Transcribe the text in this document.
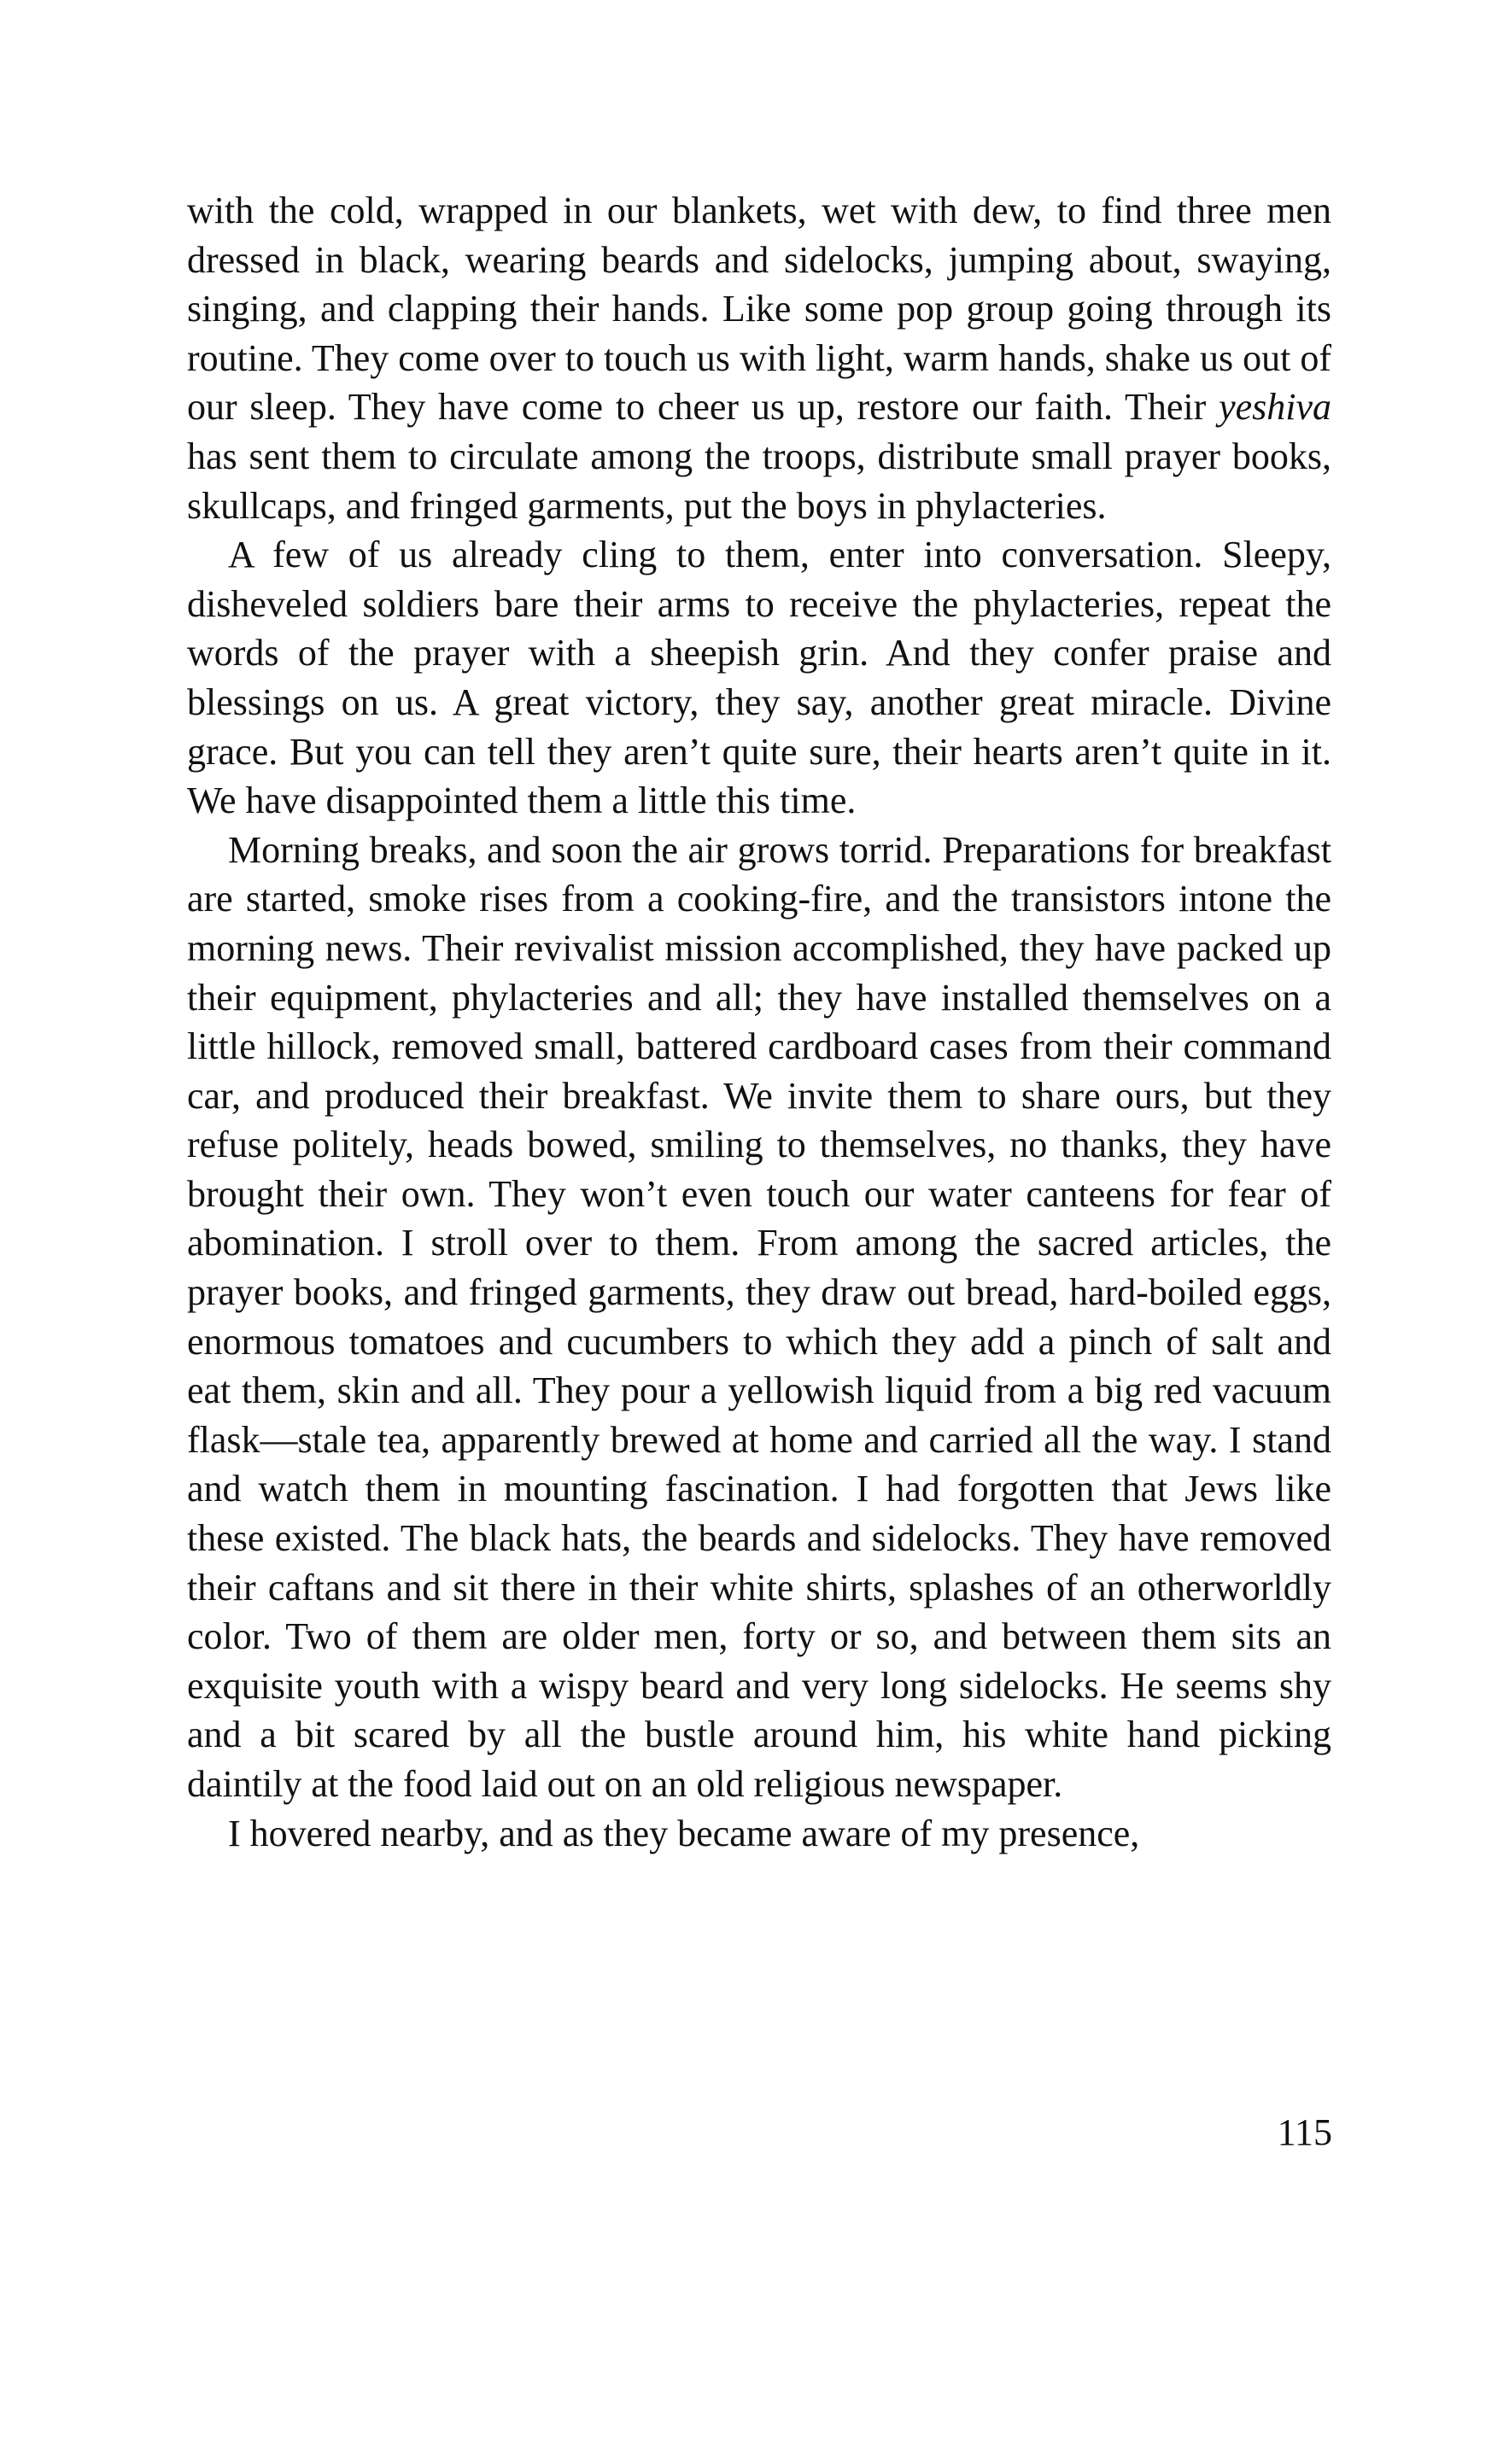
with the cold, wrapped in our blankets, wet with dew, to find three men dressed in black, wearing beards and sidelocks, jumping about, swaying, singing, and clapping their hands. Like some pop group going through its routine. They come over to touch us with light, warm hands, shake us out of our sleep. They have come to cheer us up, restore our faith. Their yeshiva has sent them to circulate among the troops, distribute small prayer books, skullcaps, and fringed garments, put the boys in phylacteries.

A few of us already cling to them, enter into conversation. Sleepy, disheveled soldiers bare their arms to receive the phylacteries, repeat the words of the prayer with a sheepish grin. And they confer praise and blessings on us. A great victory, they say, another great miracle. Divine grace. But you can tell they aren’t quite sure, their hearts aren’t quite in it. We have disappointed them a little this time.

Morning breaks, and soon the air grows torrid. Preparations for breakfast are started, smoke rises from a cooking-fire, and the transistors intone the morning news. Their revivalist mission accomplished, they have packed up their equipment, phylacteries and all; they have installed themselves on a little hillock, removed small, battered cardboard cases from their command car, and produced their breakfast. We invite them to share ours, but they refuse politely, heads bowed, smiling to themselves, no thanks, they have brought their own. They won’t even touch our water canteens for fear of abomination. I stroll over to them. From among the sacred articles, the prayer books, and fringed garments, they draw out bread, hard-boiled eggs, enormous tomatoes and cucumbers to which they add a pinch of salt and eat them, skin and all. They pour a yellowish liquid from a big red vacuum flask—stale tea, apparently brewed at home and carried all the way. I stand and watch them in mounting fascination. I had forgotten that Jews like these existed. The black hats, the beards and sidelocks. They have removed their caftans and sit there in their white shirts, splashes of an otherworldly color. Two of them are older men, forty or so, and between them sits an exquisite youth with a wispy beard and very long sidelocks. He seems shy and a bit scared by all the bustle around him, his white hand picking daintily at the food laid out on an old religious newspaper.

I hovered nearby, and as they became aware of my presence,

115
